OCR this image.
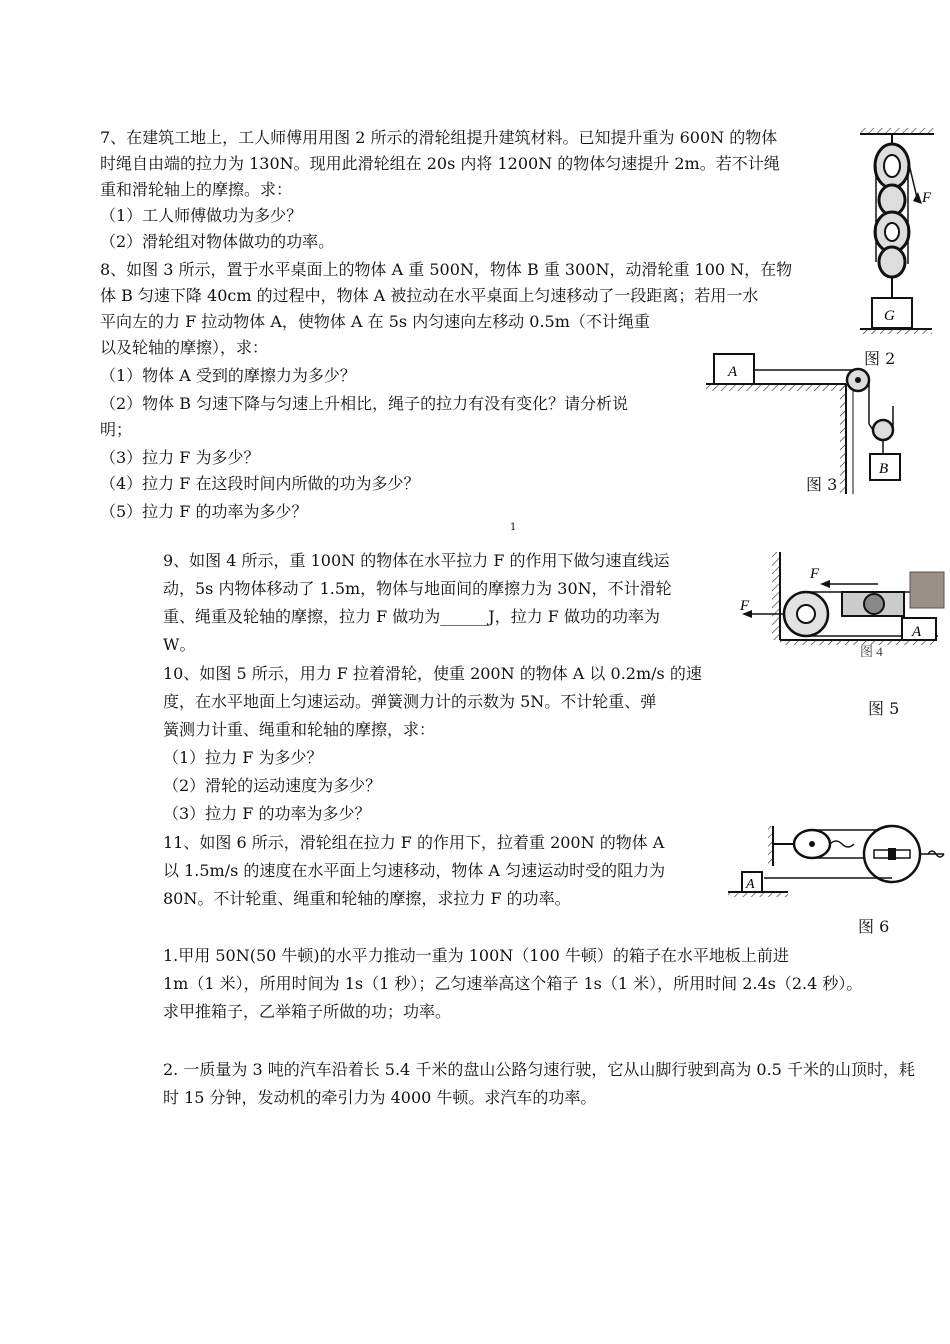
7、在建筑工地上，工人师傅用用图 2 所示的滑轮组提升建筑材料。已知提升重为 600N 的物体
时绳自由端的拉力为 130N。现用此滑轮组在 20s 内将 1200N 的物体匀速提升 2m。若不计绳
重和滑轮轴上的摩擦。求：
（1）工人师傅做功为多少？
（2）滑轮组对物体做功的功率。
8、如图 3 所示，置于水平桌面上的物体 A 重 500N，物体 B 重 300N，动滑轮重 100 N，在物
体 B 匀速下降 40cm 的过程中，物体 A 被拉动在水平桌面上匀速移动了一段距离；若用一水
平向左的力 F 拉动物体 A，使物体 A 在 5s 内匀速向左移动 0.5m（不计绳重
以及轮轴的摩擦），求：
（1）物体 A 受到的摩擦力为多少？
（2）物体 B 匀速下降与匀速上升相比，绳子的拉力有没有变化？请分析说
明；
（3）拉力 F 为多少？
（4）拉力 F 在这段时间内所做的功为多少？
（5）拉力 F 的功率为多少？
1
9、如图 4 所示，重 100N 的物体在水平拉力 F 的作用下做匀速直线运
动，5s 内物体移动了 1.5m，物体与地面间的摩擦力为 30N，不计滑轮
重、绳重及轮轴的摩擦，拉力 F 做功为______J，拉力 F 做功的功率为
W。
10、如图 5 所示，用力 F 拉着滑轮，使重 200N 的物体 A 以 0.2m/s 的速
度，在水平地面上匀速运动。弹簧测力计的示数为 5N。不计轮重、弹
簧测力计重、绳重和轮轴的摩擦，求：
（1）拉力 F 为多少？
（2）滑轮的运动速度为多少？
（3）拉力 F 的功率为多少？
11、如图 6 所示，滑轮组在拉力 F 的作用下，拉着重 200N 的物体 A
以 1.5m/s 的速度在水平面上匀速移动，物体 A 匀速运动时受的阻力为
80N。不计轮重、绳重和轮轴的摩擦，求拉力 F 的功率。
1.甲用 50N(50 牛顿)的水平力推动一重为 100N（100 牛顿）的箱子在水平地板上前进
1m（1 米），所用时间为 1s（1 秒）；乙匀速举高这个箱子 1s（1 米），所用时间 2.4s（2.4 秒）。
求甲推箱子，乙举箱子所做的功；功率。
2. 一质量为 3 吨的汽车沿着长 5.4 千米的盘山公路匀速行驶，它从山脚行驶到高为 0.5 千米的山顶时，耗
时 15 分钟，发动机的牵引力为 4000 牛顿。求汽车的功率。
F
G
图 2
A
B
图 3
F
F
A
图 4
图 5
A
图 6
